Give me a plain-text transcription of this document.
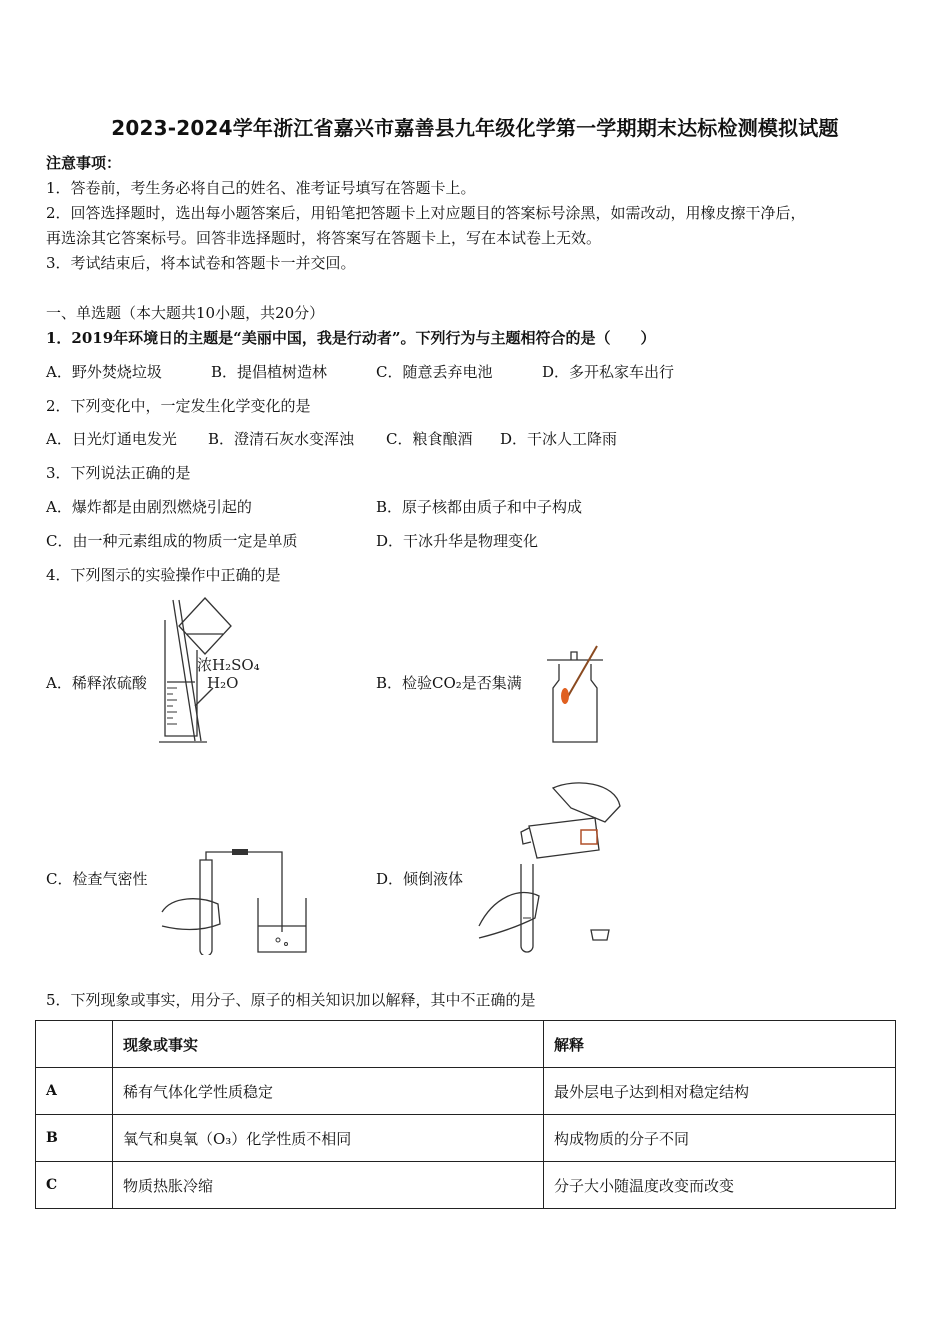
2023-2024学年浙江省嘉兴市嘉善县九年级化学第一学期期末达标检测模拟试题
注意事项：
1．答卷前，考生务必将自己的姓名、准考证号填写在答题卡上。
2．回答选择题时，选出每小题答案后，用铅笔把答题卡上对应题目的答案标号涂黑，如需改动，用橡皮擦干净后，
再选涂其它答案标号。回答非选择题时，将答案写在答题卡上，写在本试卷上无效。
3．考试结束后，将本试卷和答题卡一并交回。
一、单选题（本大题共10小题，共20分）
1．2019年环境日的主题是“美丽中国，我是行动者”。下列行为与主题相符合的是（　　）
A．野外焚烧垃圾	B．提倡植树造林	C．随意丢弃电池	D．多开私家车出行
2．下列变化中，一定发生化学变化的是
A．日光灯通电发光 B．澄清石灰水变浑浊 C．粮食酿酒 D．干冰人工降雨
3．下列说法正确的是
A．爆炸都是由剧烈燃烧引起的	B．原子核都由质子和中子构成
C．由一种元素组成的物质一定是单质	D．干冰升华是物理变化
4．下列图示的实验操作中正确的是
A．稀释浓硫酸	B．检验CO₂是否集满
C．检查气密性	D．倾倒液体
浓H₂SO₄
H₂O
5．下列现象或事实，用分子、原子的相关知识加以解释，其中不正确的是
	现象或事实	解释
A	稀有气体化学性质稳定	最外层电子达到相对稳定结构
B	氧气和臭氧（O₃）化学性质不相同	构成物质的分子不同
C	物质热胀冷缩	分子大小随温度改变而改变
